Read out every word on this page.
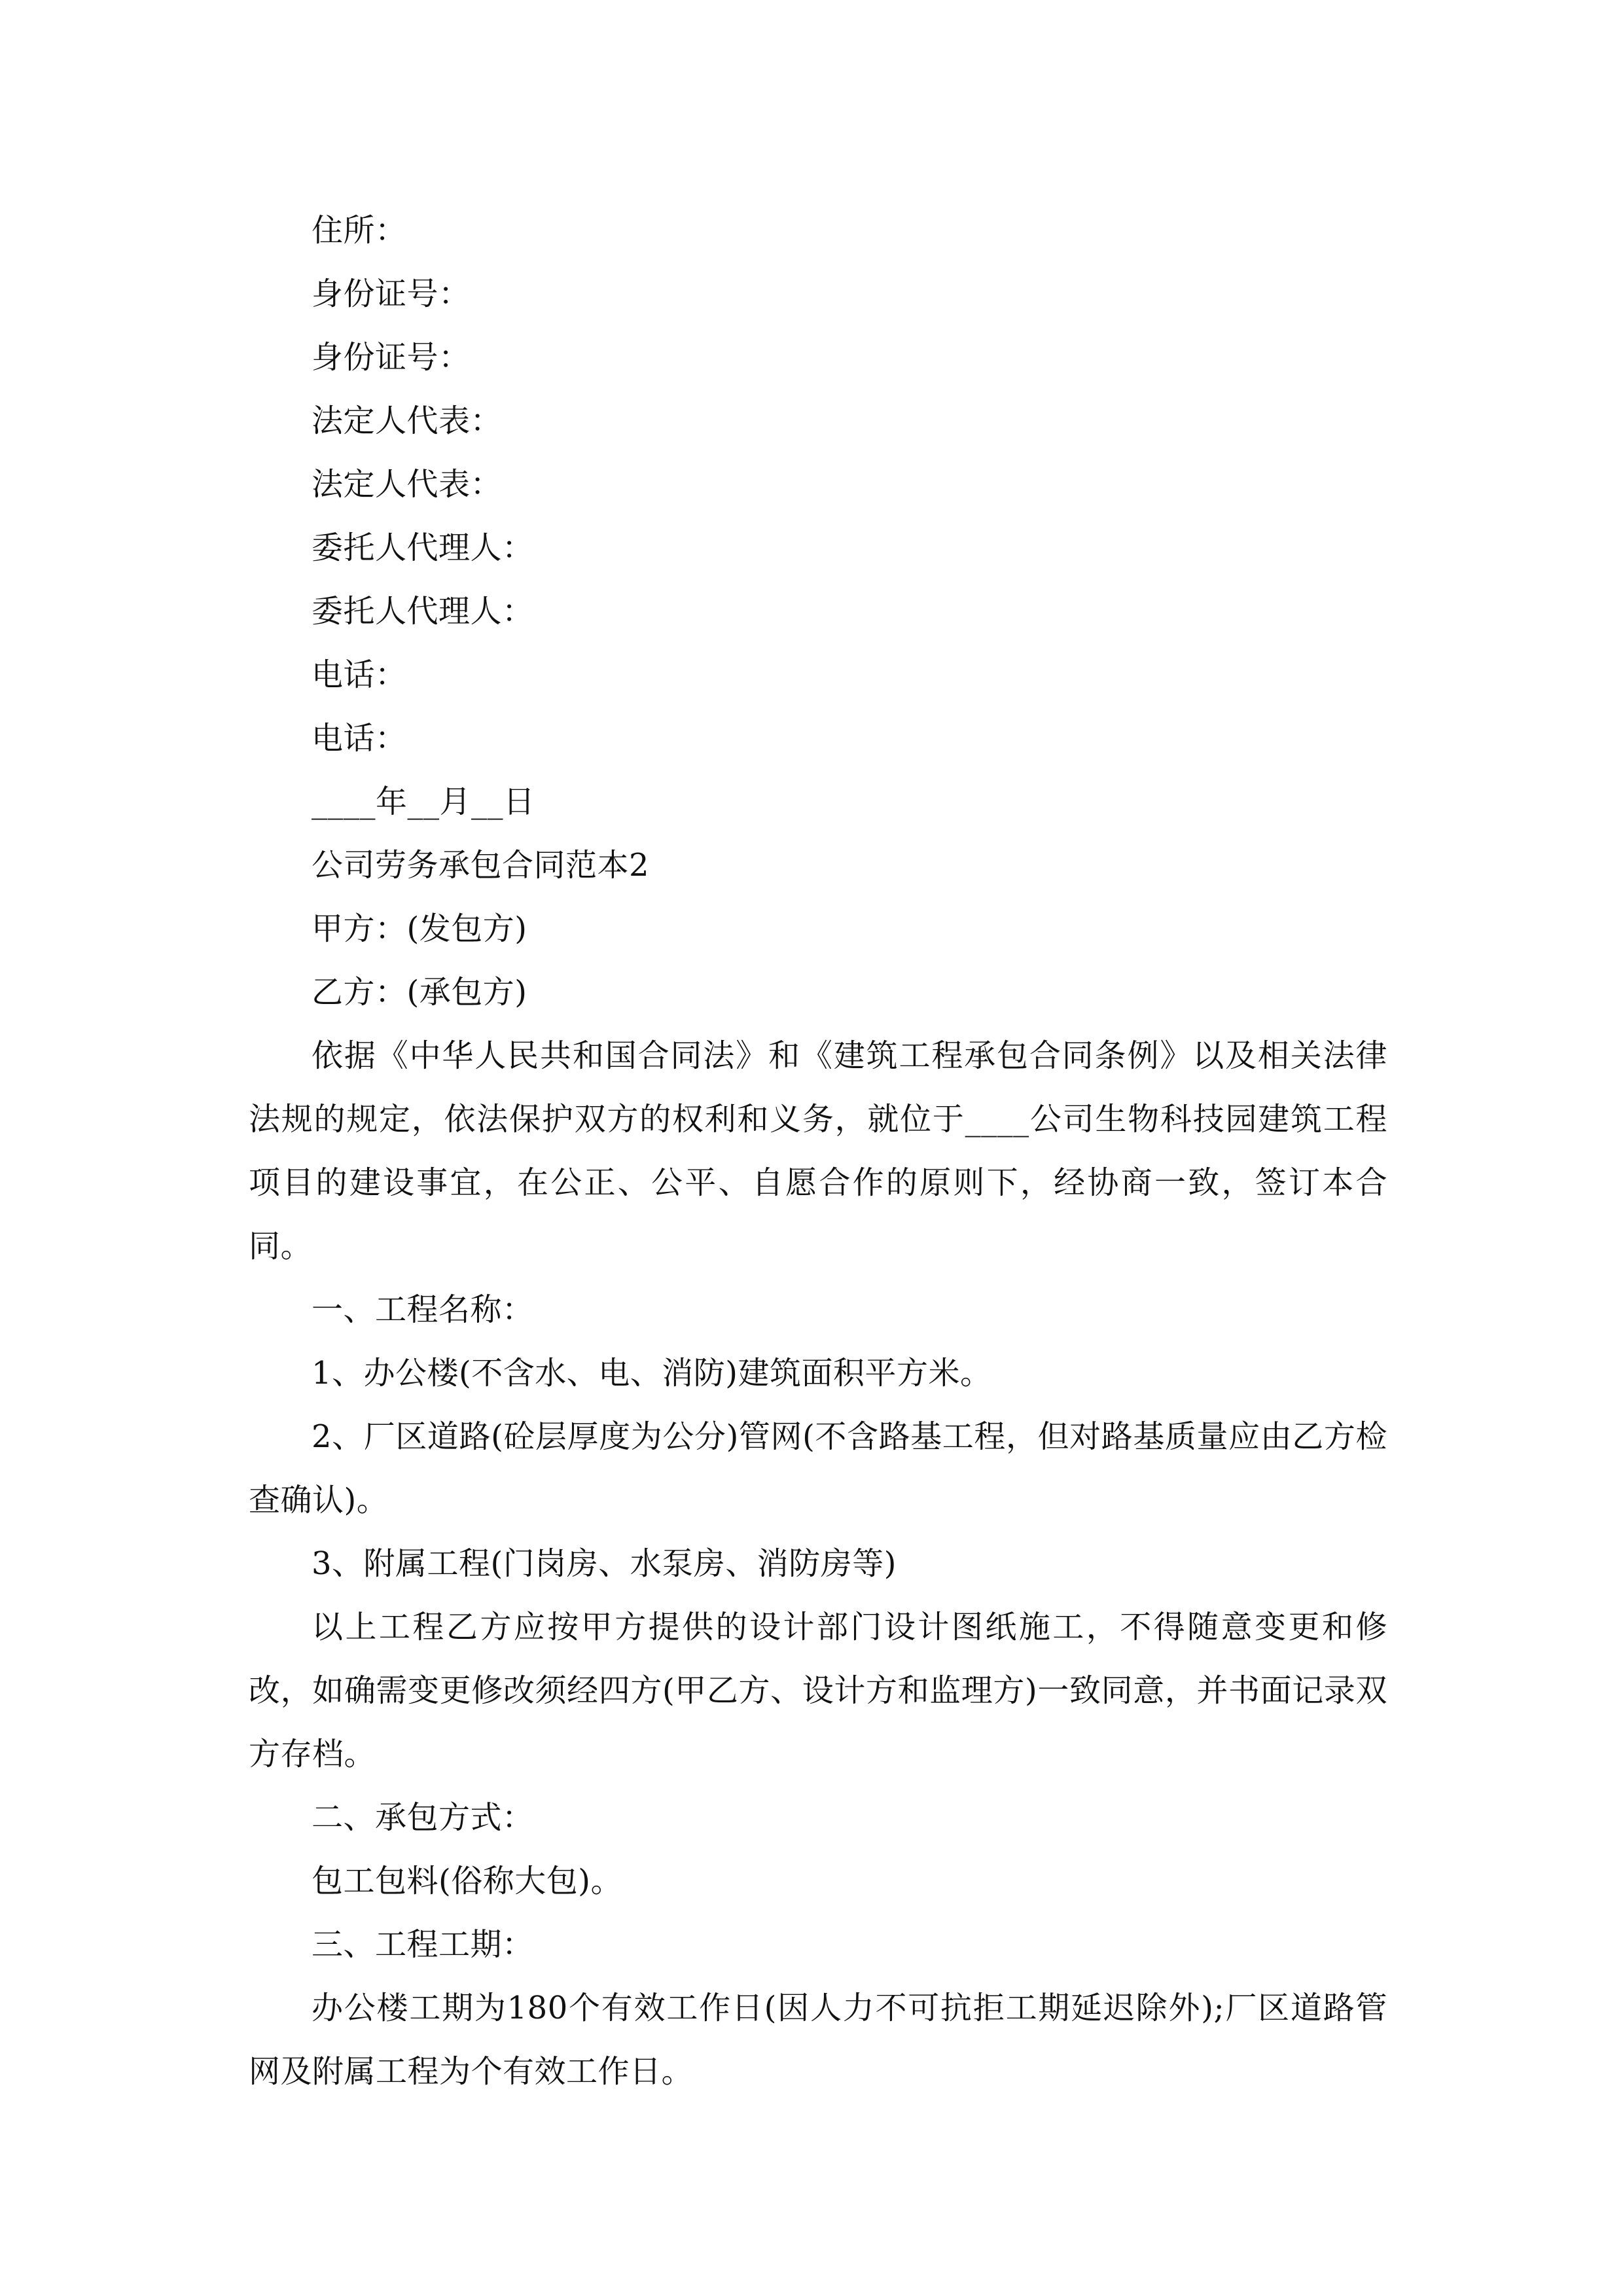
住所：

身份证号：

身份证号：

法定人代表：

法定人代表：

委托人代理人：

委托人代理人：

电话：

电话：

____年__月__日

公司劳务承包合同范本2

甲方：(发包方)

乙方：(承包方)

依据《中华人民共和国合同法》和《建筑工程承包合同条例》以及相关法律法规的规定，依法保护双方的权利和义务，就位于____公司生物科技园建筑工程项目的建设事宜，在公正、公平、自愿合作的原则下，经协商一致，签订本合同。

一、工程名称：

1、办公楼(不含水、电、消防)建筑面积平方米。

2、厂区道路(砼层厚度为公分)管网(不含路基工程，但对路基质量应由乙方检查确认)。

3、附属工程(门岗房、水泵房、消防房等)

以上工程乙方应按甲方提供的设计部门设计图纸施工，不得随意变更和修改，如确需变更修改须经四方(甲乙方、设计方和监理方)一致同意，并书面记录双方存档。

二、承包方式：

包工包料(俗称大包)。

三、工程工期：

办公楼工期为180个有效工作日(因人力不可抗拒工期延迟除外);厂区道路管网及附属工程为个有效工作日。
